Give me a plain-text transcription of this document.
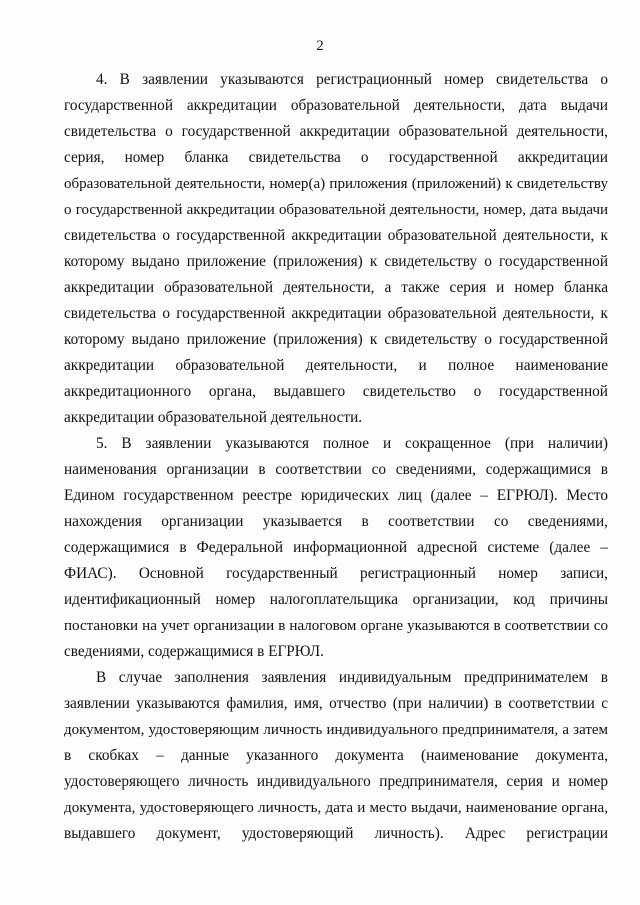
2
4. В заявлении указываются регистрационный номер свидетельства о
государственной аккредитации образовательной деятельности, дата выдачи
свидетельства о государственной аккредитации образовательной деятельности,
серия, номер бланка свидетельства о государственной аккредитации
образовательной деятельности, номер(а) приложения (приложений) к свидетельству
о государственной аккредитации образовательной деятельности, номер, дата выдачи
свидетельства о государственной аккредитации образовательной деятельности, к
которому выдано приложение (приложения) к свидетельству о государственной
аккредитации образовательной деятельности, а также серия и номер бланка
свидетельства о государственной аккредитации образовательной деятельности, к
которому выдано приложение (приложения) к свидетельству о государственной
аккредитации образовательной деятельности, и полное наименование
аккредитационного органа, выдавшего свидетельство о государственной
аккредитации образовательной деятельности.
5. В заявлении указываются полное и сокращенное (при наличии)
наименования организации в соответствии со сведениями, содержащимися в
Едином государственном реестре юридических лиц (далее – ЕГРЮЛ). Место
нахождения организации указывается в соответствии со сведениями,
содержащимися в Федеральной информационной адресной системе (далее –
ФИАС). Основной государственный регистрационный номер записи,
идентификационный номер налогоплательщика организации, код причины
постановки на учет организации в налоговом органе указываются в соответствии со
сведениями, содержащимися в ЕГРЮЛ.
В случае заполнения заявления индивидуальным предпринимателем в
заявлении указываются фамилия, имя, отчество (при наличии) в соответствии с
документом, удостоверяющим личность индивидуального предпринимателя, а затем
в скобках – данные указанного документа (наименование документа,
удостоверяющего личность индивидуального предпринимателя, серия и номер
документа, удостоверяющего личность, дата и место выдачи, наименование органа,
выдавшего документ, удостоверяющий личность). Адрес регистрации
